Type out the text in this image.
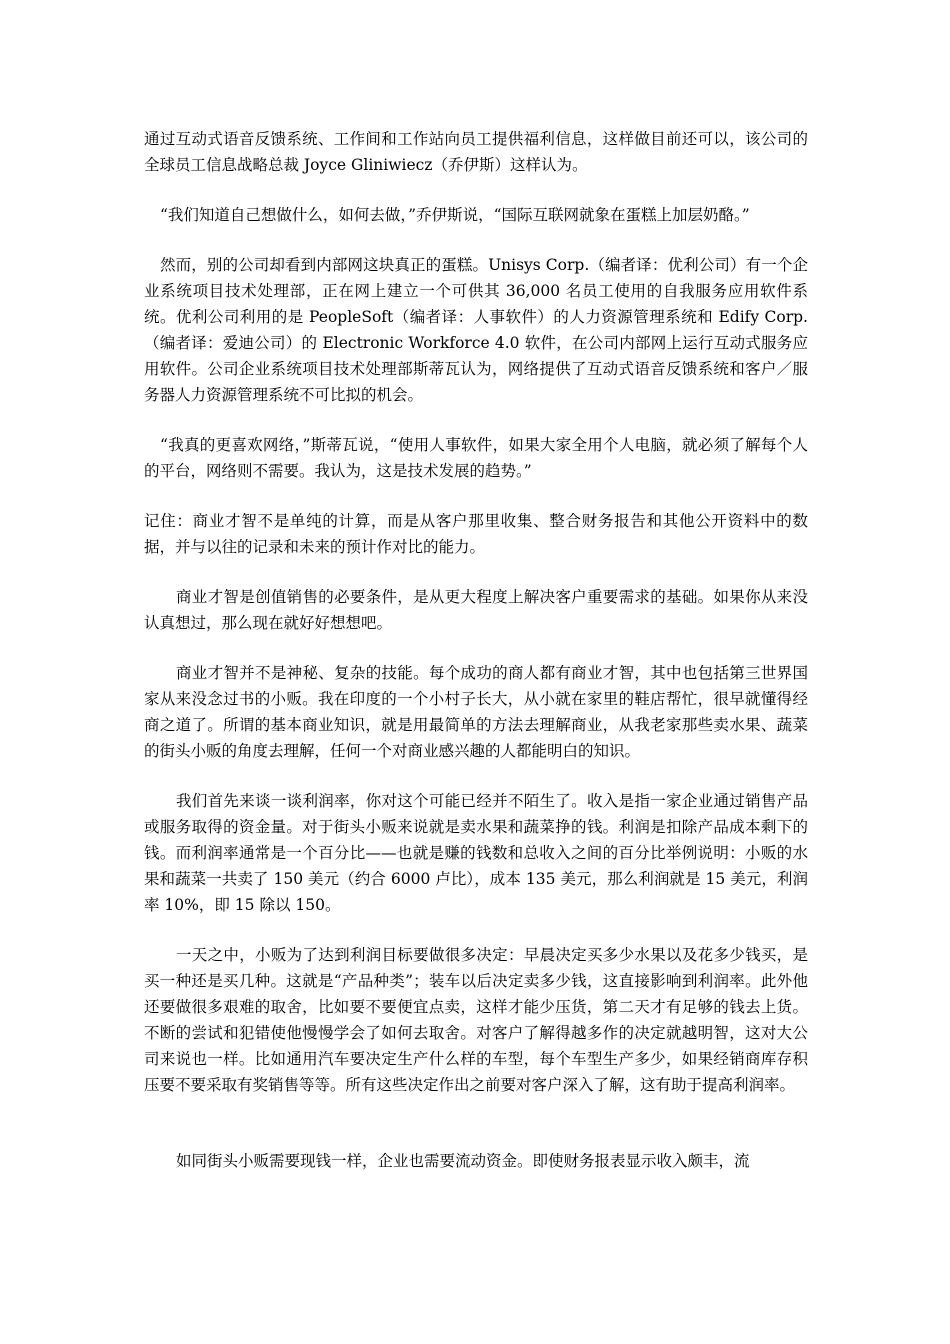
通过互动式语音反馈系统、工作间和工作站向员工提供福利信息，这样做目前还可以，该公司的全球员工信息战略总裁 Joyce Gliniwiecz（乔伊斯）这样认为。

“我们知道自己想做什么，如何去做，”乔伊斯说，“国际互联网就象在蛋糕上加层奶酪。”

然而，别的公司却看到内部网这块真正的蛋糕。Unisys Corp.（编者译：优利公司）有一个企业系统项目技术处理部，正在网上建立一个可供其 36,000 名员工使用的自我服务应用软件系统。优利公司利用的是 PeopleSoft（编者译：人事软件）的人力资源管理系统和 Edify Corp.（编者译：爱迪公司）的 Electronic Workforce 4.0 软件，在公司内部网上运行互动式服务应用软件。公司企业系统项目技术处理部斯蒂瓦认为，网络提供了互动式语音反馈系统和客户／服务器人力资源管理系统不可比拟的机会。

“我真的更喜欢网络，”斯蒂瓦说，“使用人事软件，如果大家全用个人电脑，就必须了解每个人的平台，网络则不需要。我认为，这是技术发展的趋势。”

记住：商业才智不是单纯的计算，而是从客户那里收集、整合财务报告和其他公开资料中的数据，并与以往的记录和未来的预计作对比的能力。

商业才智是创值销售的必要条件，是从更大程度上解决客户重要需求的基础。如果你从来没认真想过，那么现在就好好想想吧。

商业才智并不是神秘、复杂的技能。每个成功的商人都有商业才智，其中也包括第三世界国家从来没念过书的小贩。我在印度的一个小村子长大，从小就在家里的鞋店帮忙，很早就懂得经商之道了。所谓的基本商业知识，就是用最简单的方法去理解商业，从我老家那些卖水果、蔬菜的街头小贩的角度去理解，任何一个对商业感兴趣的人都能明白的知识。

我们首先来谈一谈利润率，你对这个可能已经并不陌生了。收入是指一家企业通过销售产品或服务取得的资金量。对于街头小贩来说就是卖水果和蔬菜挣的钱。利润是扣除产品成本剩下的钱。而利润率通常是一个百分比——也就是赚的钱数和总收入之间的百分比举例说明：小贩的水果和蔬菜一共卖了 150 美元（约合 6000 卢比），成本 135 美元，那么利润就是 15 美元，利润率 10%，即 15 除以 150。

一天之中，小贩为了达到利润目标要做很多决定：早晨决定买多少水果以及花多少钱买，是买一种还是买几种。这就是“产品种类”；装车以后决定卖多少钱，这直接影响到利润率。此外他还要做很多艰难的取舍，比如要不要便宜点卖，这样才能少压货，第二天才有足够的钱去上货。不断的尝试和犯错使他慢慢学会了如何去取舍。对客户了解得越多作的决定就越明智，这对大公司来说也一样。比如通用汽车要决定生产什么样的车型，每个车型生产多少，如果经销商库存积压要不要采取有奖销售等等。所有这些决定作出之前要对客户深入了解，这有助于提高利润率。

如同街头小贩需要现钱一样，企业也需要流动资金。即使财务报表显示收入颇丰，流
